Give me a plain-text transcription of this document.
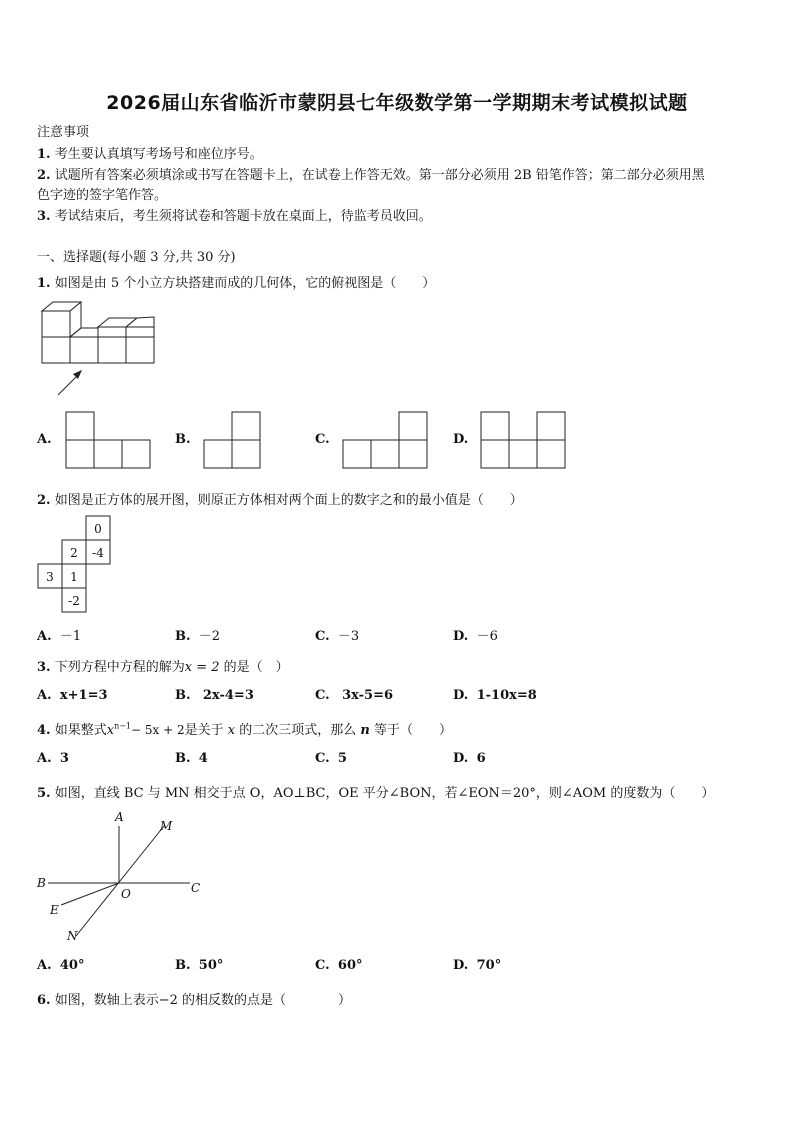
2026届山东省临沂市蒙阴县七年级数学第一学期期末考试模拟试题
注意事项
1. 考生要认真填写考场号和座位序号。
2. 试题所有答案必须填涂或书写在答题卡上，在试卷上作答无效。第一部分必须用 2B 铅笔作答；第二部分必须用黑
色字迹的签字笔作答。
3. 考试结束后，考生须将试卷和答题卡放在桌面上，待监考员收回。
一、选择题(每小题 3 分,共 30 分)
1. 如图是由 5 个小立方块搭建而成的几何体，它的俯视图是（　　）
A.	B.	C.	D.
2. 如图是正方体的展开图，则原正方体相对两个面上的数字之和的最小值是（　　）
0
2 -4
3 1
-2
A. －1	B. －2	C. －3	D. －6
3. 下列方程中方程的解为x = 2 的是（　）
A. x+1=3	B. 2x-4=3	C. 3x-5=6	D. 1-10x=8
4. 如果整式$x^{n-1}- 5x + 2$是关于 x 的二次三项式，那么 n 等于（　　）
A. 3	B. 4	C. 5	D. 6
5. 如图，直线 BC 与 MN 相交于点 O，AO⊥BC，OE 平分∠BON，若∠EON＝20°，则∠AOM 的度数为（　　）
A
M
B	C
O
E
N
A. 40°	B. 50°	C. 60°	D. 70°
6. 如图，数轴上表示−2 的相反数的点是（　　　　）
